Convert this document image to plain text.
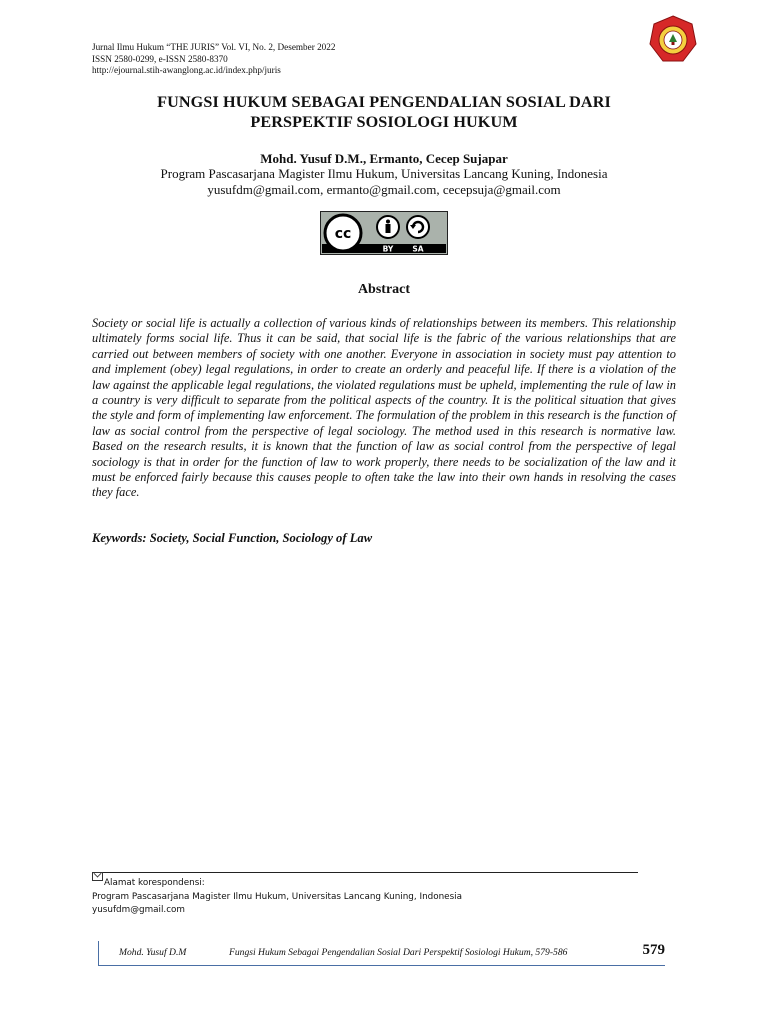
Jurnal Ilmu Hukum “THE JURIS” Vol. VI, No. 2, Desember 2022
ISSN 2580-0299, e-ISSN 2580-8370
http://ejournal.stih-awanglong.ac.id/index.php/juris
FUNGSI HUKUM SEBAGAI PENGENDALIAN SOSIAL DARI
PERSPEKTIF SOSIOLOGI HUKUM
Mohd. Yusuf D.M., Ermanto, Cecep Sujapar
Program Pascasarjana Magister Ilmu Hukum, Universitas Lancang Kuning, Indonesia
yusufdm@gmail.com, ermanto@gmail.com, cecepsuja@gmail.com
cc
BY	SA
Abstract

Society or social life is actually a collection of various kinds of relationships between its members. This relationship ultimately forms social life. Thus it can be said, that social life is the fabric of the various relationships that are carried out between members of society with one another. Everyone in association in society must pay attention to and implement (obey) legal regulations, in order to create an orderly and peaceful life. If there is a violation of the law against the applicable legal regulations, the violated regulations must be upheld, implementing the rule of law in a country is very difficult to separate from the political aspects of the country. It is the political situation that gives the style and form of implementing law enforcement. The formulation of the problem in this research is the function of law as social control from the perspective of legal sociology. The method used in this research is normative law. Based on the research results, it is known that the function of law as social control from the perspective of legal sociology is that in order for the function of law to work properly, there needs to be socialization of the law and it must be enforced fairly because this causes people to often take the law into their own hands in resolving the cases they face.

Keywords: Society, Social Function, Sociology of Law
Alamat korespondensi:
Program Pascasarjana Magister Ilmu Hukum, Universitas Lancang Kuning, Indonesia
yusufdm@gmail.com
Mohd. Yusuf D.M	Fungsi Hukum Sebagai Pengendalian Sosial Dari Perspektif Sosiologi Hukum, 579-586	579
